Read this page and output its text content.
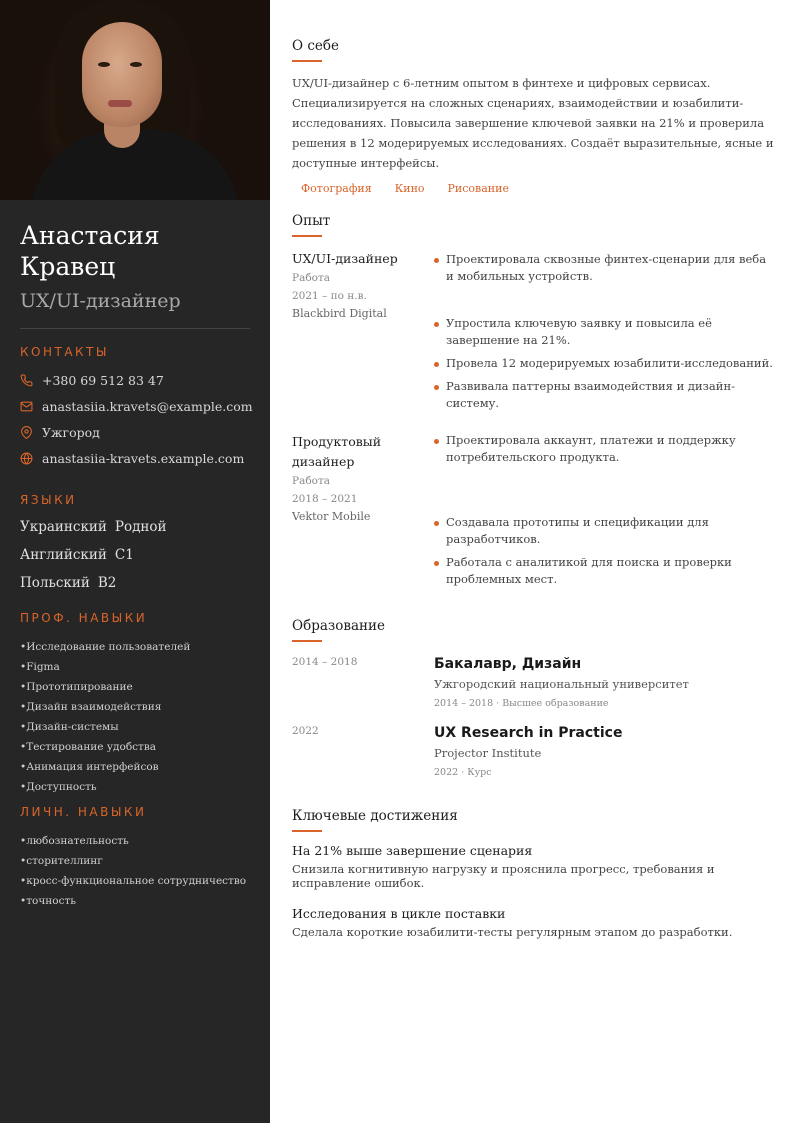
Анастасия
Кравец
UX/UI-дизайнер
КОНТАКТЫ
+380 69 512 83 47
anastasiia.kravets@example.com
Ужгород
anastasiia-kravets.example.com
ЯЗЫКИ
Украинский Родной
Английский C1
Польский B2
ПРОФ. НАВЫКИ
•Исследование пользователей
•Figma
•Прототипирование
•Дизайн взаимодействия
•Дизайн-системы
•Тестирование удобства
•Анимация интерфейсов
•Доступность
ЛИЧН. НАВЫКИ
•любознательность
•сторителлинг
•кросс-функциональное сотрудничество
•точность
О себе

UX/UI-дизайнер с 6-летним опытом в финтехе и цифровых сервисах. Специализируется на сложных сценариях, взаимодействии и юзабилити-исследованиях. Повысила завершение ключевой заявки на 21% и проверила решения в 12 модерируемых исследованиях. Создаёт выразительные, ясные и доступные интерфейсы.

Фотография Кино Рисование
Опыт
UX/UI-дизайнер
Работа
2021 – по н.в.
Blackbird Digital
Проектировала сквозные финтех-сценарии для веба и мобильных устройств.
Упростила ключевую заявку и повысила её завершение на 21%.
Провела 12 модерируемых юзабилити-исследований.
Развивала паттерны взаимодействия и дизайн-систему.
Продуктовый дизайнер
Работа
2018 – 2021
Vektor Mobile
Проектировала аккаунт, платежи и поддержку потребительского продукта.
Создавала прототипы и спецификации для разработчиков.
Работала с аналитикой для поиска и проверки проблемных мест.
Образование
2014 – 2018	Бакалавр, Дизайн
Ужгородский национальный университет
2014 – 2018 · Высшее образование
2022	UX Research in Practice
Projector Institute
2022 · Курс
Ключевые достижения
На 21% выше завершение сценария
Снизила когнитивную нагрузку и прояснила прогресс, требования и исправление ошибок.
Исследования в цикле поставки
Сделала короткие юзабилити-тесты регулярным этапом до разработки.
